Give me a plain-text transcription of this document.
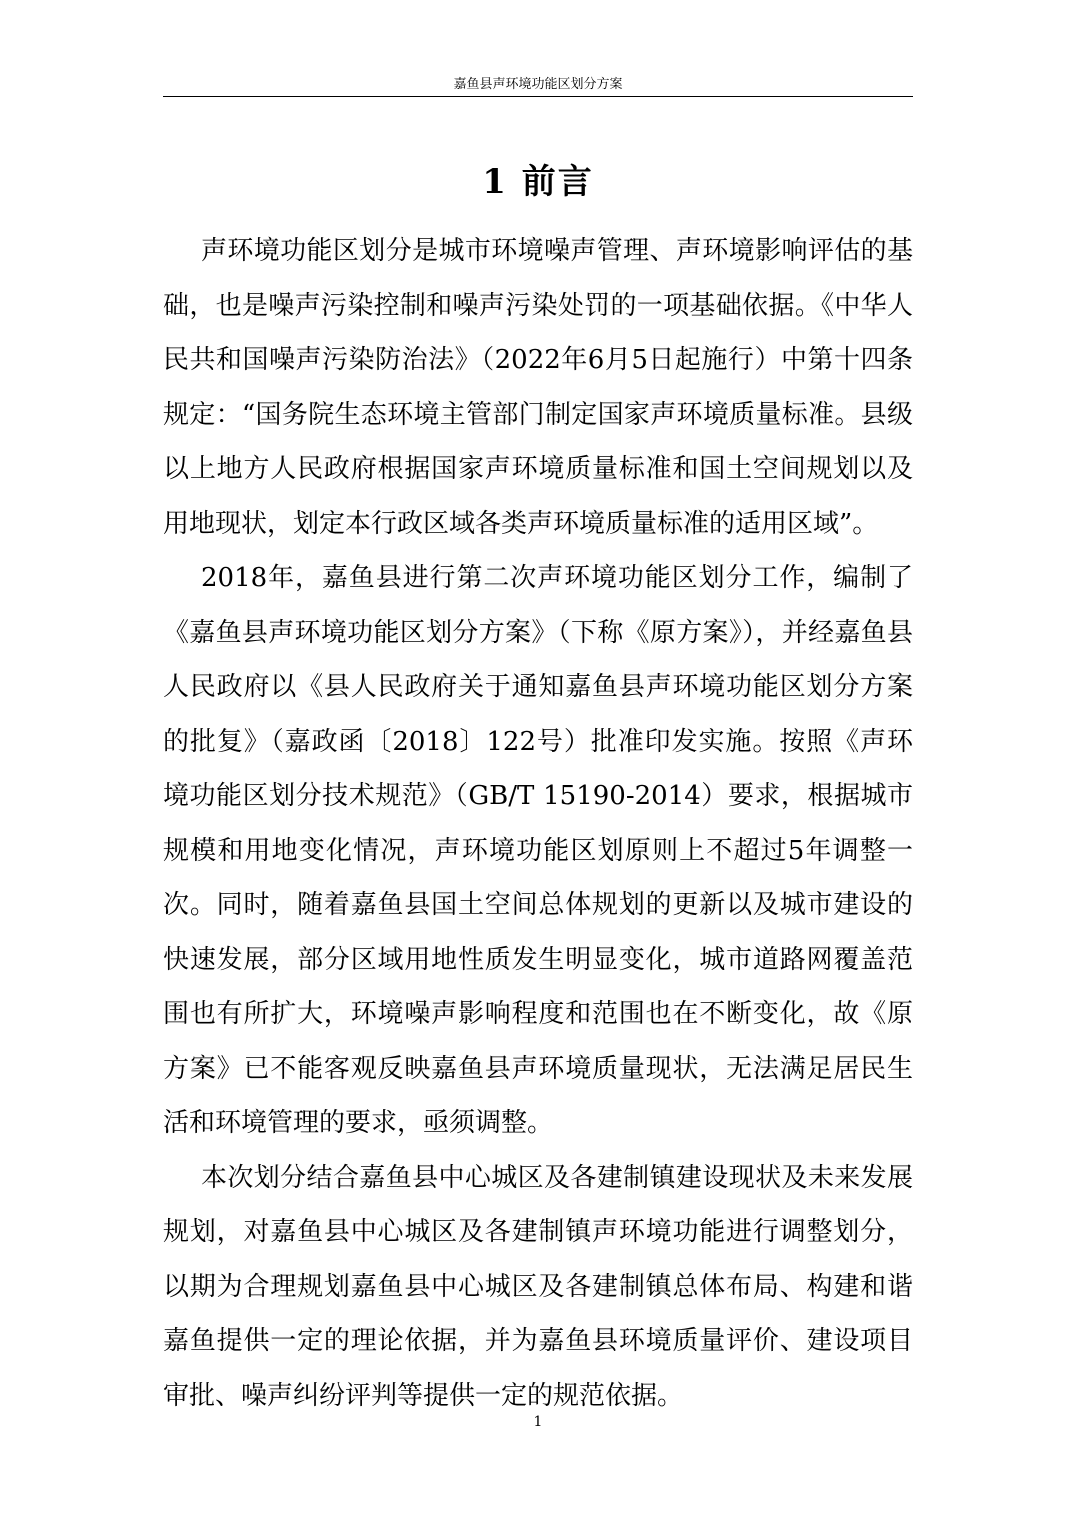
嘉鱼县声环境功能区划分方案
1 前言

声环境功能区划分是城市环境噪声管理、声环境影响评估的基础，也是噪声污染控制和噪声污染处罚的一项基础依据。《中华人民共和国噪声污染防治法》（2022年6月5日起施行）中第十四条规定：“国务院生态环境主管部门制定国家声环境质量标准。县级以上地方人民政府根据国家声环境质量标准和国土空间规划以及用地现状，划定本行政区域各类声环境质量标准的适用区域”。

2018年，嘉鱼县进行第二次声环境功能区划分工作，编制了《嘉鱼县声环境功能区划分方案》（下称《原方案》），并经嘉鱼县人民政府以《县人民政府关于通知嘉鱼县声环境功能区划分方案的批复》（嘉政函〔2018〕122号）批准印发实施。按照《声环境功能区划分技术规范》（GB/T 15190-2014）要求，根据城市规模和用地变化情况，声环境功能区划原则上不超过5年调整一次。同时，随着嘉鱼县国土空间总体规划的更新以及城市建设的快速发展，部分区域用地性质发生明显变化，城市道路网覆盖范围也有所扩大，环境噪声影响程度和范围也在不断变化，故《原方案》已不能客观反映嘉鱼县声环境质量现状，无法满足居民生活和环境管理的要求，亟须调整。

本次划分结合嘉鱼县中心城区及各建制镇建设现状及未来发展规划，对嘉鱼县中心城区及各建制镇声环境功能进行调整划分，以期为合理规划嘉鱼县中心城区及各建制镇总体布局、构建和谐嘉鱼提供一定的理论依据，并为嘉鱼县环境质量评价、建设项目审批、噪声纠纷评判等提供一定的规范依据。

1
